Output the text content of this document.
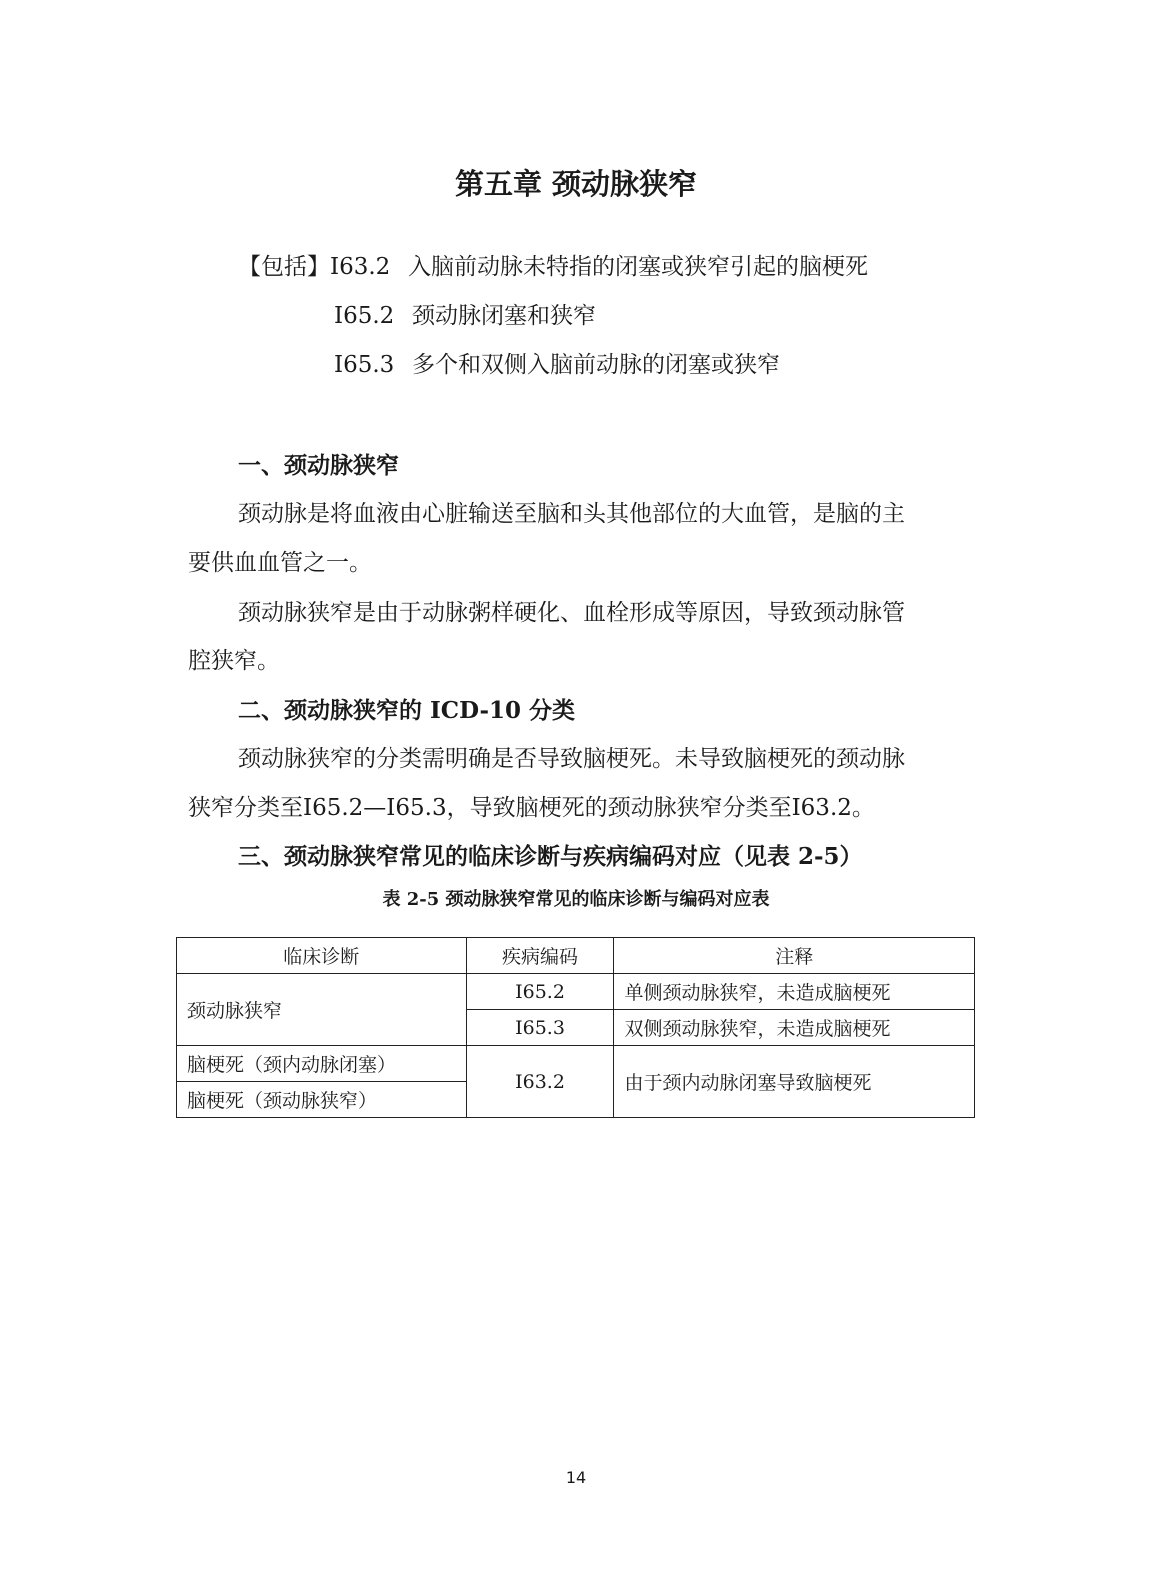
第五章 颈动脉狭窄
【包括】I63.2 入脑前动脉未特指的闭塞或狭窄引起的脑梗死
I65.2 颈动脉闭塞和狭窄
I65.3 多个和双侧入脑前动脉的闭塞或狭窄
一、颈动脉狭窄
颈动脉是将血液由心脏输送至脑和头其他部位的大血管，是脑的主
要供血血管之一。
颈动脉狭窄是由于动脉粥样硬化、血栓形成等原因，导致颈动脉管
腔狭窄。
二、颈动脉狭窄的 ICD-10 分类
颈动脉狭窄的分类需明确是否导致脑梗死。未导致脑梗死的颈动脉
狭窄分类至I65.2—I65.3，导致脑梗死的颈动脉狭窄分类至I63.2。
三、颈动脉狭窄常见的临床诊断与疾病编码对应（见表 2-5）
表 2-5 颈动脉狭窄常见的临床诊断与编码对应表
临床诊断	疾病编码	注释
颈动脉狭窄	I65.2	单侧颈动脉狭窄，未造成脑梗死
	I65.3	双侧颈动脉狭窄，未造成脑梗死
脑梗死（颈内动脉闭塞）	I63.2	由于颈内动脉闭塞导致脑梗死
脑梗死（颈动脉狭窄）		
14
